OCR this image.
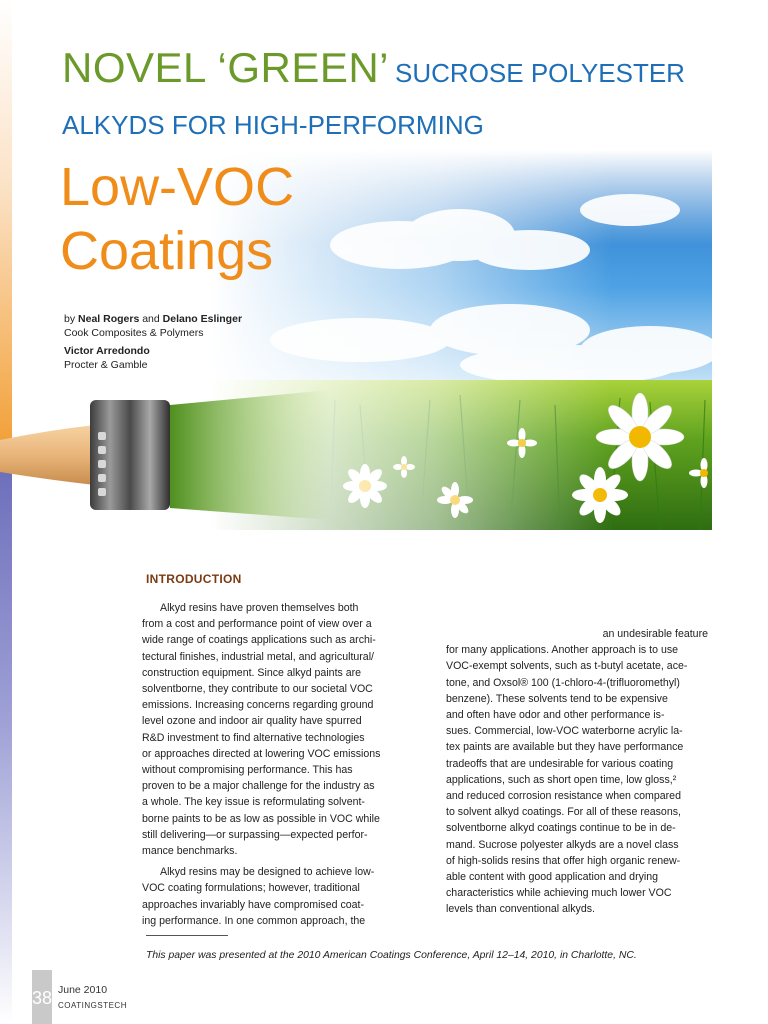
NOVEL ‘GREEN’ SUCROSE POLYESTER
ALKYDS FOR HIGH-PERFORMING
Low-VOC
Coatings
by Neal Rogers and Delano Eslinger
Cook Composites & Polymers
Victor Arredondo
Procter & Gamble
INTRODUCTION

Alkyd resins have proven themselves both

from a cost and performance point of view over a

wide range of coatings applications such as archi-

tectural finishes, industrial metal, and agricultural/

construction equipment. Since alkyd paints are

solventborne, they contribute to our societal VOC

emissions. Increasing concerns regarding ground

level ozone and indoor air quality have spurred

R&D investment to find alternative technologies

or approaches directed at lowering VOC emissions

without compromising performance. This has

proven to be a major challenge for the industry as

a whole. The key issue is reformulating solvent-

borne paints to be as low as possible in VOC while

still delivering—or surpassing—expected perfor-

mance benchmarks.

Alkyd resins may be designed to achieve low-

VOC coating formulations; however, traditional

approaches invariably have compromised coat-

ing performance. In one common approach, the

an undesirable feature

for many applications. Another approach is to use

VOC-exempt solvents, such as t-butyl acetate, ace-

tone, and Oxsol® 100 (1-chloro-4-(trifluoromethyl)

benzene). These solvents tend to be expensive

and often have odor and other performance is-

sues. Commercial, low-VOC waterborne acrylic la-

tex paints are available but they have performance

tradeoffs that are undesirable for various coating

applications, such as short open time, low gloss,²

and reduced corrosion resistance when compared

to solvent alkyd coatings. For all of these reasons,

solventborne alkyd coatings continue to be in de-

mand. Sucrose polyester alkyds are a novel class

of high-solids resins that offer high organic renew-

able content with good application and drying

characteristics while achieving much lower VOC

levels than conventional alkyds.

This paper was presented at the 2010 American Coatings Conference, April 12–14, 2010, in Charlotte, NC.
38 June 2010
COATINGSTECH
